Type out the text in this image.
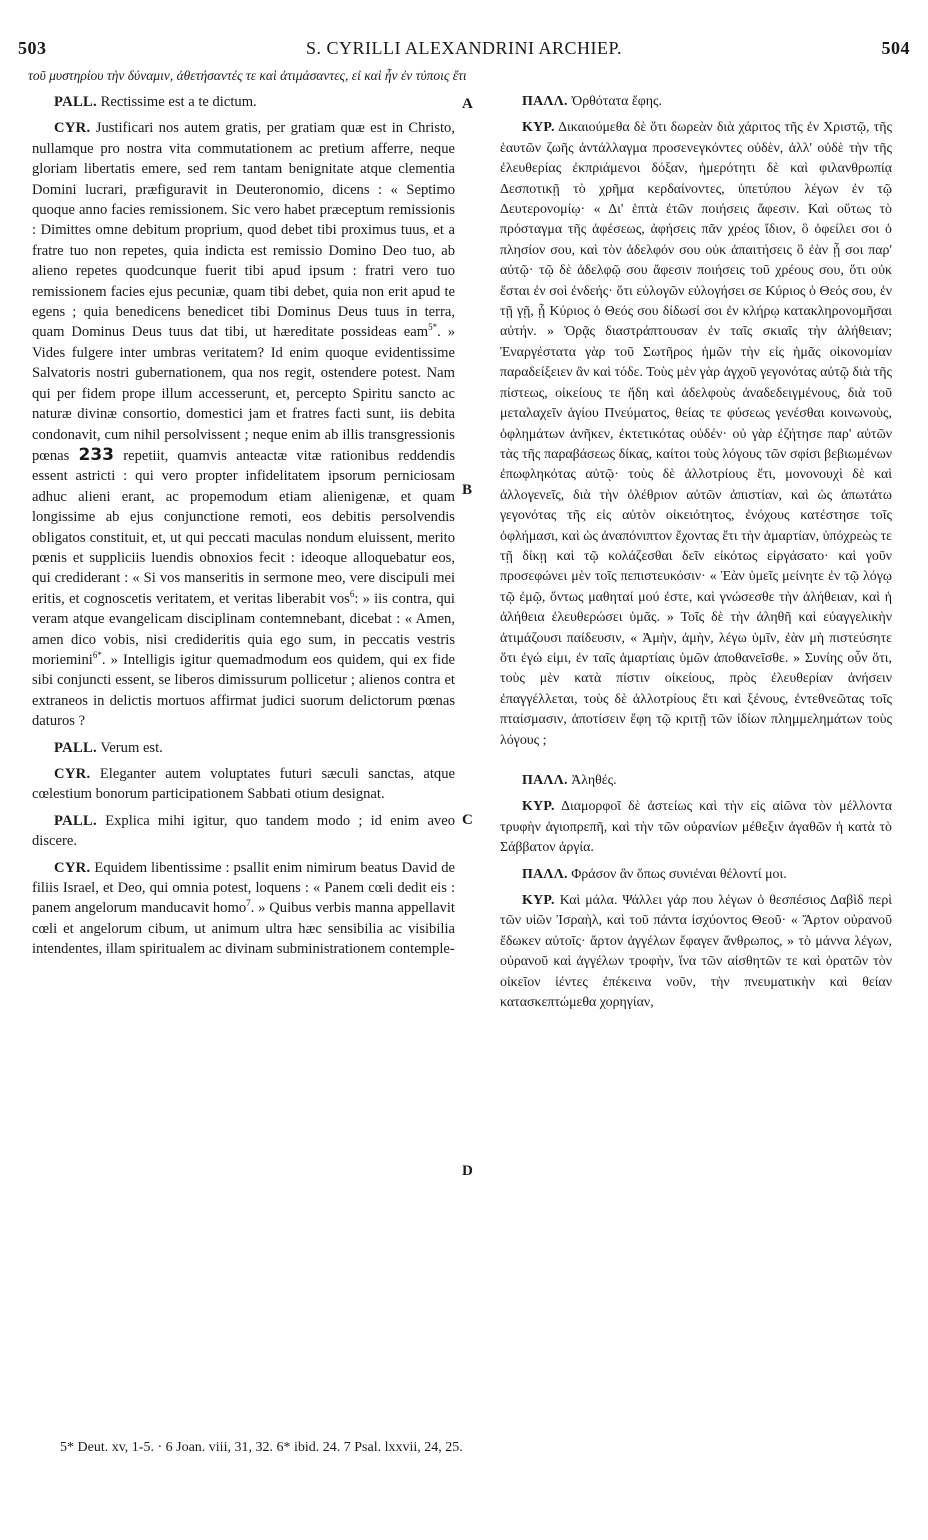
503	S. CYRILLI ALEXANDRINI ARCHIEP.	504
τοῦ μυστηρίου τὴν δύναμιν, ἀθετήσαντές τε καὶ ἀτιμάσαντες, εἰ καὶ ἦν ἐν τύποις ἔτι

PALL. Rectissime est a te dictum.

CYR. Justificari nos autem gratis, per gratiam quæ est in Christo, nullamque pro nostra vita commutationem ac pretium afferre, neque gloriam libertatis emere, sed rem tantam benignitate atque clementia Domini lucrari, præfiguravit in Deuteronomio, dicens : « Septimo quoque anno facies remissionem. Sic vero habet præceptum remissionis : Dimittes omne debitum proprium, quod debet tibi proximus tuus, et a fratre tuo non repetes, quia indicta est remissio Domino Deo tuo, ab alieno repetes quodcunque fuerit tibi apud ipsum : fratri vero tuo remissionem facies ejus pecuniæ, quam tibi debet, quia non erit apud te egens ; quia benedicens benedicet tibi Dominus Deus tuus in terra, quam Dominus Deus tuus dat tibi, ut hæreditate possideas eam$^{5*}$. » Vides fulgere inter umbras veritatem? Id enim quoque evidentissime Salvatoris nostri gubernationem, qua nos regit, ostendere potest. Nam qui per fidem prope illum accesserunt, et, percepto Spiritu sancto ac naturæ divinæ consortio, domestici jam et fratres facti sunt, iis debita condonavit, cum nihil persolvissent ; neque enim ab illis transgressionis pœnas 233 repetiit, quamvis anteactæ vitæ rationibus reddendis essent astricti : qui vero propter infidelitatem ipsorum perniciosam adhuc alieni erant, ac propemodum etiam alienigenæ, et quam longissime ab ejus conjunctione remoti, eos debitis persolvendis obligatos constituit, et, ut qui peccati maculas nondum eluissent, merito pœnis et suppliciis luendis obnoxios fecit : ideoque alloquebatur eos, qui crediderant : « Si vos manseritis in sermone meo, vere discipuli mei eritis, et cognoscetis veritatem, et veritas liberabit vos$^6$: » iis contra, qui veram atque evangelicam disciplinam contemnebant, dicebat : « Amen, amen dico vobis, nisi credideritis quia ego sum, in peccatis vestris moriemini$^{6*}$. » Intelligis igitur quemadmodum eos quidem, qui ex fide sibi conjuncti essent, se liberos dimissurum pollicetur ; alienos contra et extraneos in delictis mortuos affirmat judici suorum delictorum pœnas daturos ?

PALL. Verum est.

CYR. Eleganter autem voluptates futuri sæculi sanctas, atque cœlestium bonorum participationem Sabbati otium designat.

PALL. Explica mihi igitur, quo tandem modo ; id enim aveo discere.

CYR. Equidem libentissime : psallit enim nimirum beatus David de filiis Israel, et Deo, qui omnia potest, loquens : « Panem cœli dedit eis : panem angelorum manducavit homo$^7$. » Quibus verbis manna appellavit cœli et angelorum cibum, ut animum ultra hæc sensibilia ac visibilia intendentes, illam spiritualem ac divinam subministrationem contemple-

A
B
C
D

ΠΑΛΛ. Ὀρθότατα ἔφης.

ΚΥΡ. Δικαιούμεθα δὲ ὅτι δωρεὰν διὰ χάριτος τῆς ἐν Χριστῷ, τῆς ἑαυτῶν ζωῆς ἀντάλλαγμα προσενεγκόντες οὐδὲν, ἀλλ' οὐδὲ τὴν τῆς ἐλευθερίας ἐκπριάμενοι δόξαν, ἡμερότητι δὲ καὶ φιλανθρωπίᾳ Δεσποτικῇ τὸ χρῆμα κερδαίνοντες, ὑπετύπου λέγων ἐν τῷ Δευτερονομίῳ· « Δι' ἑπτὰ ἐτῶν ποιήσεις ἄφεσιν. Καὶ οὕτως τὸ πρόσταγμα τῆς ἀφέσεως, ἀφήσεις πᾶν χρέος ἴδιον, ὃ ὀφείλει σοι ὁ πλησίον σου, καὶ τὸν ἀδελφόν σου οὐκ ἀπαιτήσεις ὃ ἐὰν ᾖ σοι παρ' αὐτῷ· τῷ δὲ ἀδελφῷ σου ἄφεσιν ποιήσεις τοῦ χρέους σου, ὅτι οὐκ ἔσται ἐν σοὶ ἐνδεής· ὅτι εὐλογῶν εὐλογήσει σε Κύριος ὁ Θεός σου, ἐν τῇ γῇ, ᾗ Κύριος ὁ Θεός σου δίδωσί σοι ἐν κλήρῳ κατακληρονομῆσαι αὐτήν. » Ὁρᾷς διαστράπτουσαν ἐν ταῖς σκιαῖς τὴν ἀλήθειαν; Ἐναργέστατα γὰρ τοῦ Σωτῆρος ἡμῶν τὴν εἰς ἡμᾶς οἰκονομίαν παραδείξειεν ἂν καὶ τόδε. Τοὺς μὲν γὰρ ἀγχοῦ γεγονότας αὐτῷ διὰ τῆς πίστεως, οἰκείους τε ἤδη καὶ ἀδελφοὺς ἀναδεδειγμένους, διὰ τοῦ μεταλαχεῖν ἁγίου Πνεύματος, θείας τε φύσεως γενέσθαι κοινωνοὺς, ὀφλημάτων ἀνῆκεν, ἐκτετικότας οὐδέν· οὐ γὰρ ἐζήτησε παρ' αὐτῶν τὰς τῆς παραβάσεως δίκας, καίτοι τοὺς λόγους τῶν σφίσι βεβιωμένων ἐπωφληκότας αὐτῷ· τοὺς δὲ ἀλλοτρίους ἔτι, μονονουχὶ δὲ καὶ ἀλλογενεῖς, διὰ τὴν ὀλέθριον αὐτῶν ἀπιστίαν, καὶ ὡς ἀπωτάτω γεγονότας τῆς εἰς αὐτὸν οἰκειότητος, ἐνόχους κατέστησε τοῖς ὀφλήμασι, καὶ ὡς ἀναπόνιπτον ἔχοντας ἔτι τὴν ἁμαρτίαν, ὑπόχρεὼς τε τῇ δίκῃ καὶ τῷ κολάζεσθαι δεῖν εἰκότως εἰργάσατο· καὶ γοῦν προσεφώνει μὲν τοῖς πεπιστευκόσιν· « Ἐὰν ὑμεῖς μείνητε ἐν τῷ λόγῳ τῷ ἐμῷ, ὄντως μαθηταί μού ἐστε, καὶ γνώσεσθε τὴν ἀλήθειαν, καὶ ἡ ἀλήθεια ἐλευθερώσει ὑμᾶς. » Τοῖς δὲ τὴν ἀληθῆ καὶ εὐαγγελικὴν ἀτιμάζουσι παίδευσιν, « Ἀμὴν, ἀμὴν, λέγω ὑμῖν, ἐὰν μὴ πιστεύσητε ὅτι ἐγώ εἰμι, ἐν ταῖς ἁμαρτίαις ὑμῶν ἀποθανεῖσθε. » Συνίης οὖν ὅτι, τοὺς μὲν κατὰ πίστιν οἰκείους, πρὸς ἐλευθερίαν ἀνήσειν ἐπαγγέλλεται, τοὺς δὲ ἀλλοτρίους ἔτι καὶ ξένους, ἐντεθνεῶτας τοῖς πταίσμασιν, ἀποτίσειν ἔφη τῷ κριτῇ τῶν ἰδίων πλημμελημάτων τοὺς λόγους ;

ΠΑΛΛ. Ἀληθές.

ΚΥΡ. Διαμορφοῖ δὲ ἀστείως καὶ τὴν εἰς αἰῶνα τὸν μέλλοντα τρυφὴν ἁγιοπρεπῆ, καὶ τὴν τῶν οὐρανίων μέθεξιν ἀγαθῶν ἡ κατὰ τὸ Σάββατον ἀργία.

ΠΑΛΛ. Φράσον ἂν ὅπως συνιέναι θέλοντί μοι.

ΚΥΡ. Καὶ μάλα. Ψάλλει γάρ που λέγων ὁ θεσπέσιος Δαβὶδ περὶ τῶν υἱῶν Ἰσραὴλ, καὶ τοῦ πάντα ἰσχύοντος Θεοῦ· « Ἄρτον οὐρανοῦ ἔδωκεν αὐτοῖς· ἄρτον ἀγγέλων ἔφαγεν ἄνθρωπος, » τὸ μάννα λέγων, οὐρανοῦ καὶ ἀγγέλων τροφὴν, ἵνα τῶν αἰσθητῶν τε καὶ ὁρατῶν τὸν οἰκεῖον ἱέντες ἐπέκεινα νοῦν, τὴν πνευματικὴν καὶ θείαν κατασκεπτώμεθα χορηγίαν,

5* Deut. xv, 1-5. · 6 Joan. viii, 31, 32. 6* ibid. 24. 7 Psal. lxxvii, 24, 25.
